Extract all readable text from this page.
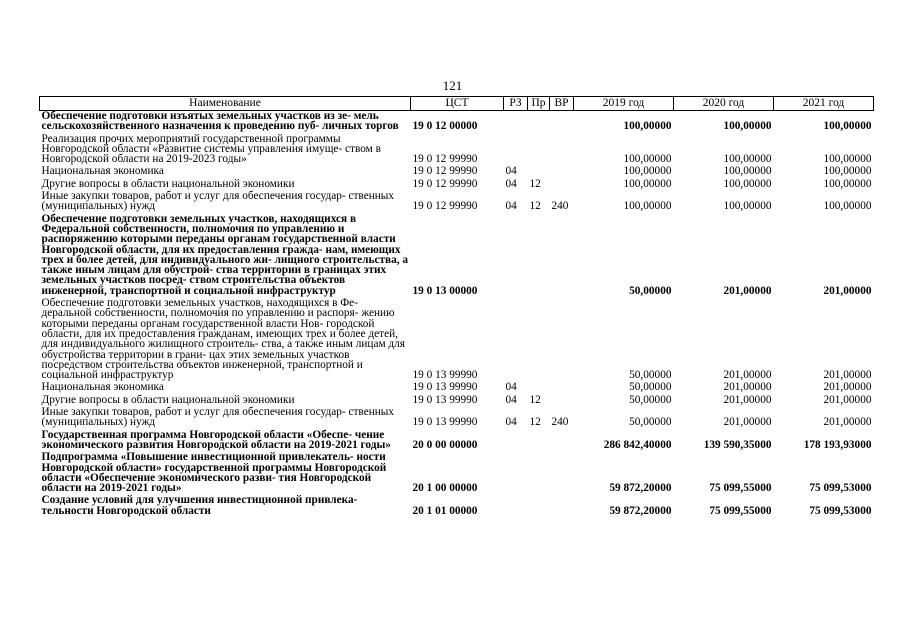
121
Наименование	ЦСТ	РЗ	Пр	ВР	2019 год	2020 год	2021 год
Обеспечение подготовки изъятых земельных участков из зе- мель сельскохозяйственного назначения к проведению пуб- личных торгов	19 0 12 00000				100,00000	100,00000	100,00000
Реализация прочих мероприятий государственной программы Новгородской области «Развитие системы управления имуще- ством в Новгородской области на 2019-2023 годы»	19 0 12 99990				100,00000	100,00000	100,00000
Национальная экономика	19 0 12 99990	04			100,00000	100,00000	100,00000
Другие вопросы в области национальной экономики	19 0 12 99990	04	12		100,00000	100,00000	100,00000
Иные закупки товаров, работ и услуг для обеспечения государ- ственных (муниципальных) нужд	19 0 12 99990	04	12	240	100,00000	100,00000	100,00000
Обеспечение подготовки земельных участков, находящихся в Федеральной собственности, полномочия по управлению и распоряжению которыми переданы органам государственной власти Новгородской области, для их предоставления гражда- нам, имеющих трех и более детей, для индивидуального жи- лищного строительства, а также иным лицам для обустрой- ства территории в границах этих земельных участков посред- ством строительства объектов инженерной, транспортной и социальной инфраструктур	19 0 13 00000				50,00000	201,00000	201,00000
Обеспечение подготовки земельных участков, находящихся в Фе- деральной собственности, полномочия по управлению и распоря- жению которыми переданы органам государственной власти Нов- городской области, для их предоставления гражданам, имеющих трех и более детей, для индивидуального жилищного строитель- ства, а также иным лицам для обустройства территории в грани- цах этих земельных участков посредством строительства объектов инженерной, транспортной и социальной инфраструктур	19 0 13 99990				50,00000	201,00000	201,00000
Национальная экономика	19 0 13 99990	04			50,00000	201,00000	201,00000
Другие вопросы в области национальной экономики	19 0 13 99990	04	12		50,00000	201,00000	201,00000
Иные закупки товаров, работ и услуг для обеспечения государ- ственных (муниципальных) нужд	19 0 13 99990	04	12	240	50,00000	201,00000	201,00000
Государственная программа Новгородской области «Обеспе- чение экономического развития Новгородской области на 2019-2021 годы»	20 0 00 00000				286 842,40000	139 590,35000	178 193,93000
Подпрограмма «Повышение инвестиционной привлекатель- ности Новгородской области» государственной программы Новгородской области «Обеспечение экономического разви- тия Новгородской области на 2019-2021 годы»	20 1 00 00000				59 872,20000	75 099,55000	75 099,53000
Создание условий для улучшения инвестиционной привлека- тельности Новгородской области	20 1 01 00000				59 872,20000	75 099,55000	75 099,53000
